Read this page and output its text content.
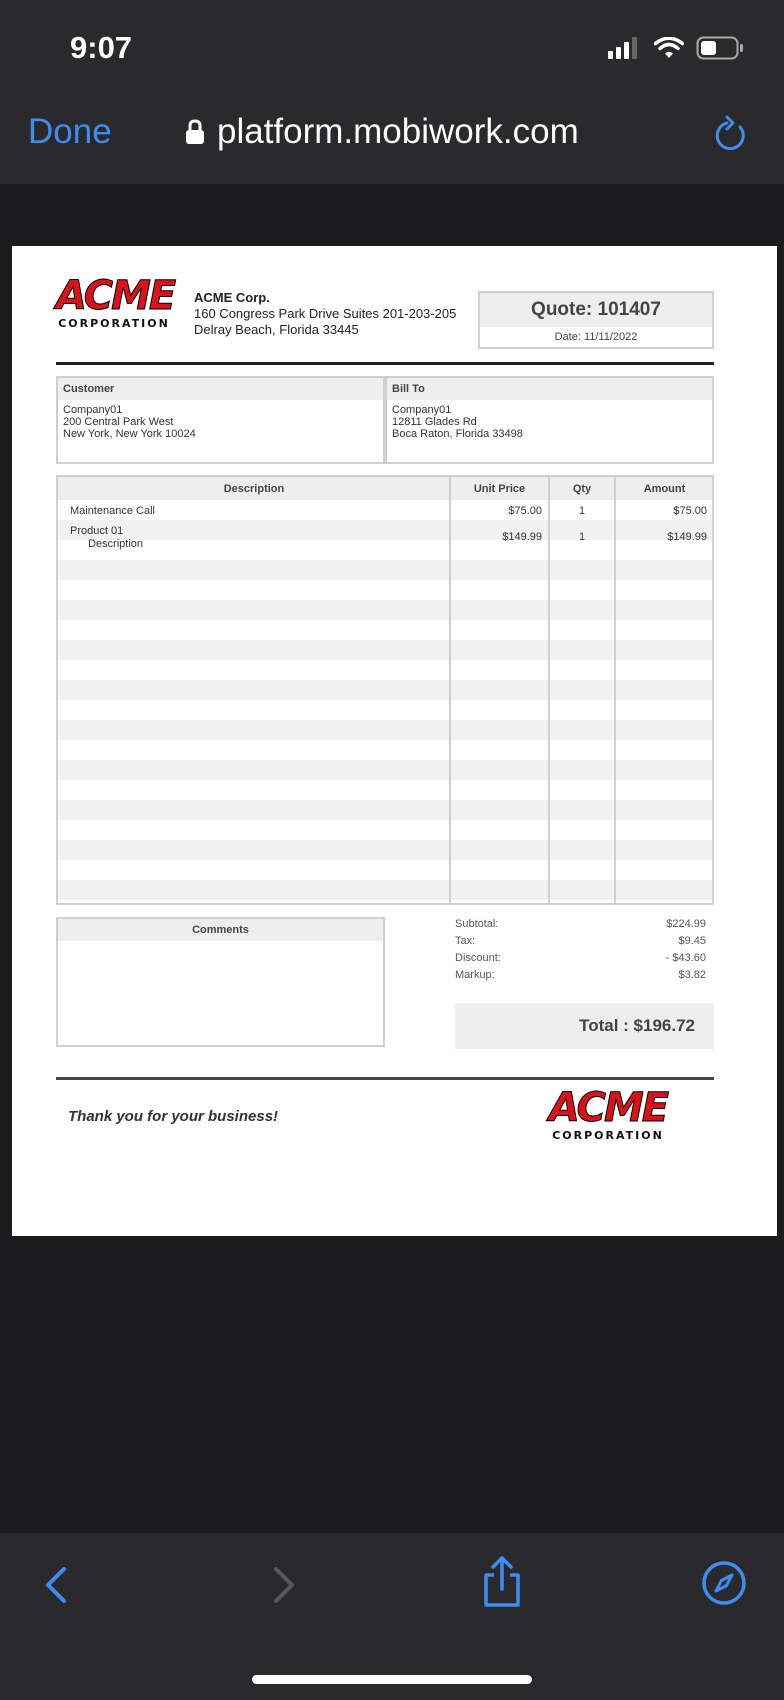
9:07
Done	platform.mobiwork.com
ACME
CORPORATION
ACME Corp.
160 Congress Park Drive Suites 201-203-205
Delray Beach, Florida 33445
Quote: 101407
Date: 11/11/2022
Customer
Company01
200 Central Park West
New York, New York 10024
Bill To
Company01
12811 Glades Rd
Boca Raton, Florida 33498
Description	Unit Price	Qty	Amount
Maintenance Call	$75.00	1	$75.00
Product 01
Description
$149.99	1	$149.99
Comments	Subtotal:	$224.99
Tax:	$9.45
Discount:	- $43.60
Markup:	$3.82
Total : $196.72
Thank you for your business!	ACME
CORPORATION
